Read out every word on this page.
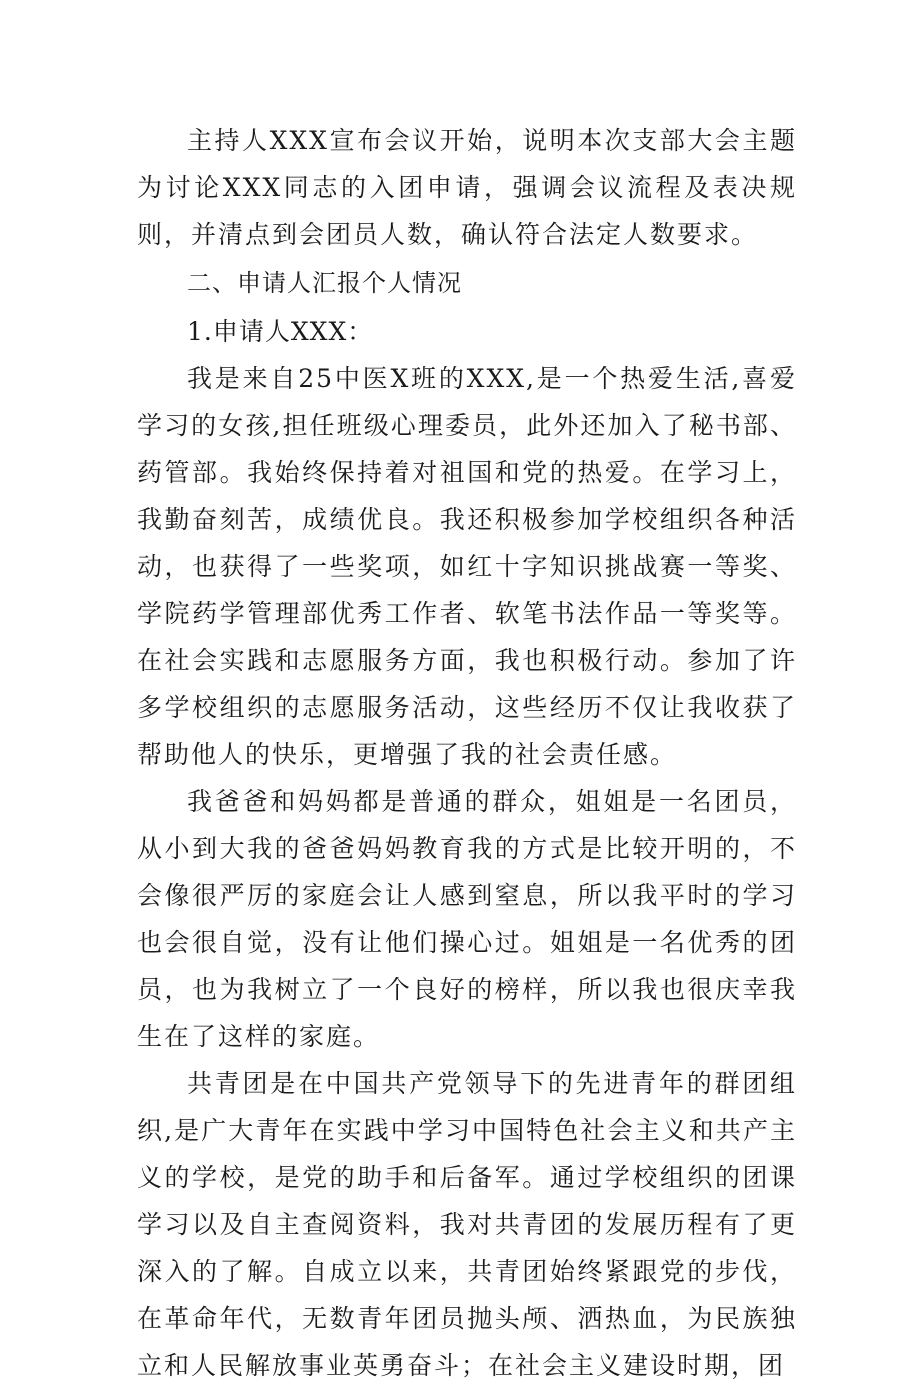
主持人XXX宣布会议开始，说明本次支部大会主题为讨论XXX同志的入团申请，强调会议流程及表决规则，并清点到会团员人数，确认符合法定人数要求。

二、申请人汇报个人情况

1.申请人XXX：

我是来自25中医X班的XXX,是一个热爱生活,喜爱学习的女孩,担任班级心理委员，此外还加入了秘书部、药管部。我始终保持着对祖国和党的热爱。在学习上，我勤奋刻苦，成绩优良。我还积极参加学校组织各种活动，也获得了一些奖项，如红十字知识挑战赛一等奖、学院药学管理部优秀工作者、软笔书法作品一等奖等。在社会实践和志愿服务方面，我也积极行动。参加了许多学校组织的志愿服务活动，这些经历不仅让我收获了帮助他人的快乐，更增强了我的社会责任感。

我爸爸和妈妈都是普通的群众，姐姐是一名团员，从小到大我的爸爸妈妈教育我的方式是比较开明的，不会像很严厉的家庭会让人感到窒息，所以我平时的学习也会很自觉，没有让他们操心过。姐姐是一名优秀的团员，也为我树立了一个良好的榜样，所以我也很庆幸我生在了这样的家庭。

共青团是在中国共产党领导下的先进青年的群团组织,是广大青年在实践中学习中国特色社会主义和共产主义的学校，是党的助手和后备军。通过学校组织的团课学习以及自主查阅资料，我对共青团的发展历程有了更深入的了解。自成立以来，共青团始终紧跟党的步伐，在革命年代，无数青年团员抛头颅、洒热血，为民族独立和人民解放事业英勇奋斗；在社会主义建设时期，团
